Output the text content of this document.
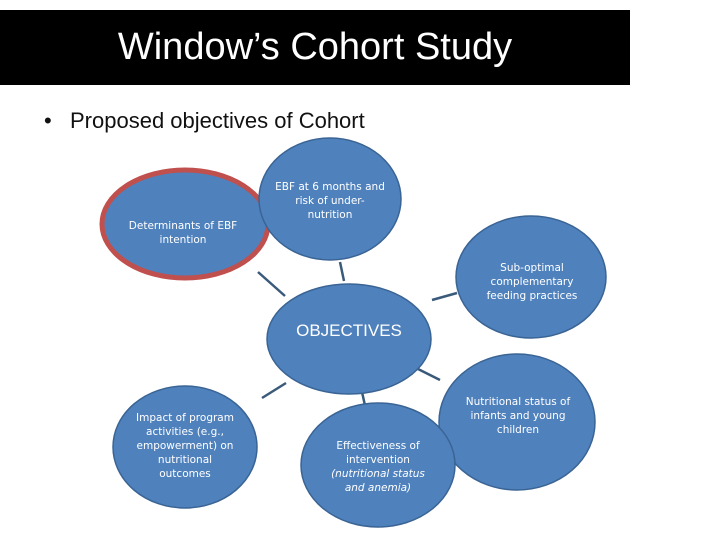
Window’s Cohort Study
• Proposed objectives of Cohort
OBJECTIVES
Determinants of EBF intention
EBF at 6 months and risk of under-nutrition
Sub-optimal complementary feeding practices
Nutritional status of infants and young children
Effectiveness of intervention
(nutritional status and anemia)
Impact of program activities (e.g., empowerment) on nutritional outcomes
